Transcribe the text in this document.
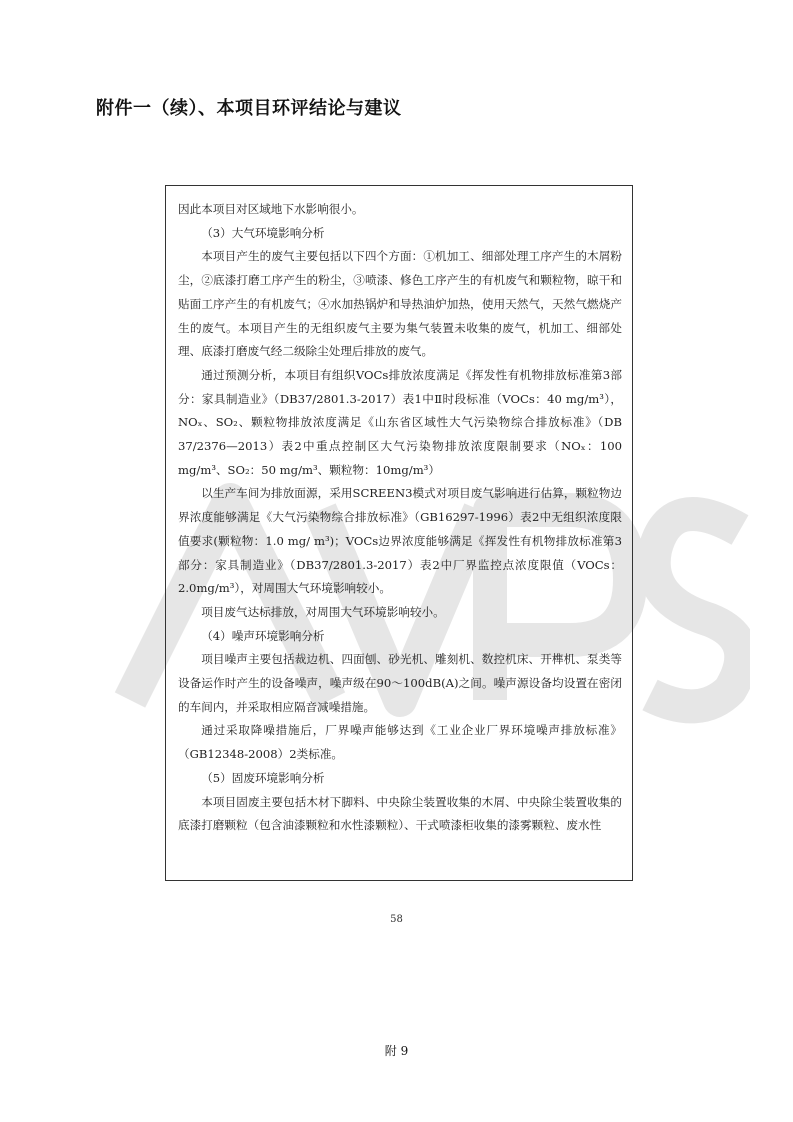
附件一（续）、本项目环评结论与建议

因此本项目对区域地下水影响很小。

（3）大气环境影响分析

本项目产生的废气主要包括以下四个方面：①机加工、细部处理工序产生的木屑粉尘，②底漆打磨工序产生的粉尘，③喷漆、修色工序产生的有机废气和颗粒物，晾干和贴面工序产生的有机废气；④水加热锅炉和导热油炉加热，使用天然气，天然气燃烧产生的废气。本项目产生的无组织废气主要为集气装置未收集的废气，机加工、细部处理、底漆打磨废气经二级除尘处理后排放的废气。

通过预测分析，本项目有组织VOCs排放浓度满足《挥发性有机物排放标准第3部分：家具制造业》（DB37/2801.3-2017）表1中Ⅱ时段标准（VOCs：40 mg/m³），NOₓ、SO₂、颗粒物排放浓度满足《山东省区域性大气污染物综合排放标准》（DB 37/2376—2013）表2中重点控制区大气污染物排放浓度限制要求（NOₓ：100 mg/m³、SO₂：50 mg/m³、颗粒物：10mg/m³）

以生产车间为排放面源，采用SCREEN3模式对项目废气影响进行估算，颗粒物边界浓度能够满足《大气污染物综合排放标准》（GB16297-1996）表2中无组织浓度限值要求(颗粒物：1.0 mg/ m³)；VOCs边界浓度能够满足《挥发性有机物排放标准第3部分：家具制造业》（DB37/2801.3-2017）表2中厂界监控点浓度限值（VOCs：2.0mg/m³），对周围大气环境影响较小。

项目废气达标排放，对周围大气环境影响较小。

（4）噪声环境影响分析

项目噪声主要包括裁边机、四面刨、砂光机、雕刻机、数控机床、开榫机、泵类等设备运作时产生的设备噪声，噪声级在90～100dB(A)之间。噪声源设备均设置在密闭的车间内，并采取相应隔音减噪措施。

通过采取降噪措施后，厂界噪声能够达到《工业企业厂界环境噪声排放标准》（GB12348-2008）2类标准。

（5）固废环境影响分析

本项目固废主要包括木材下脚料、中央除尘装置收集的木屑、中央除尘装置收集的底漆打磨颗粒（包含油漆颗粒和水性漆颗粒）、干式喷漆柜收集的漆雾颗粒、废水性

58
附 9
